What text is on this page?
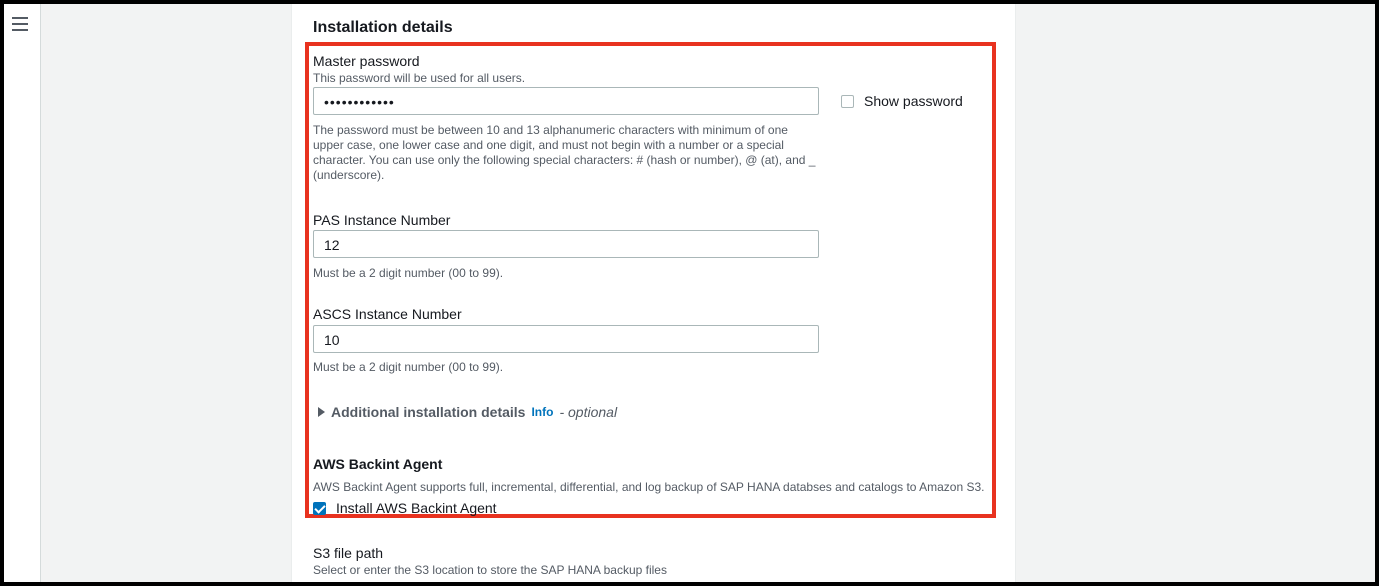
Installation details
Master password
This password will be used for all users.
••••••••••••	Show password
The password must be between 10 and 13 alphanumeric characters with minimum of one
upper case, one lower case and one digit, and must not begin with a number or a special
character. You can use only the following special characters: # (hash or number), @ (at), and _
(underscore).
PAS Instance Number
12
Must be a 2 digit number (00 to 99).
ASCS Instance Number
10
Must be a 2 digit number (00 to 99).
Additional installation details Info - optional
AWS Backint Agent
AWS Backint Agent supports full, incremental, differential, and log backup of SAP HANA databses and catalogs to Amazon S3.
Install AWS Backint Agent
S3 file path
Select or enter the S3 location to store the SAP HANA backup files
